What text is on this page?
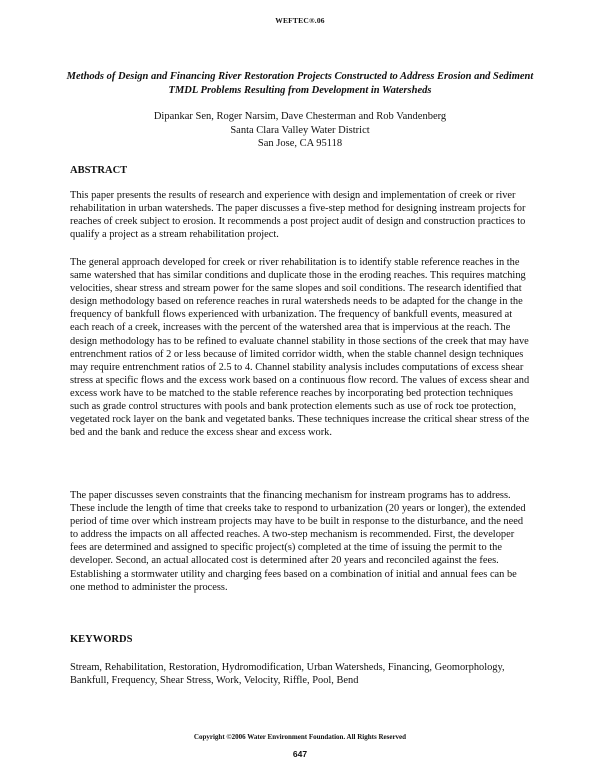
WEFTEC®.06
Methods of Design and Financing River Restoration Projects Constructed to Address Erosion and Sediment TMDL Problems Resulting from Development in Watersheds
Dipankar Sen, Roger Narsim, Dave Chesterman and Rob Vandenberg
Santa Clara Valley Water District
San Jose, CA 95118
ABSTRACT

This paper presents the results of research and experience with design and implementation of creek or river rehabilitation in urban watersheds. The paper discusses a five-step method for designing instream projects for reaches of creek subject to erosion. It recommends a post project audit of design and construction practices to qualify a project as a stream rehabilitation project.

The general approach developed for creek or river rehabilitation is to identify stable reference reaches in the same watershed that has similar conditions and duplicate those in the eroding reaches. This requires matching velocities, shear stress and stream power for the same slopes and soil conditions. The research identified that design methodology based on reference reaches in rural watersheds needs to be adapted for the change in the frequency of bankfull flows experienced with urbanization. The frequency of bankfull events, measured at each reach of a creek, increases with the percent of the watershed area that is impervious at the reach. The design methodology has to be refined to evaluate channel stability in those sections of the creek that may have entrenchment ratios of 2 or less because of limited corridor width, when the stable channel design techniques may require entrenchment ratios of 2.5 to 4. Channel stability analysis includes computations of excess shear stress at specific flows and the excess work based on a continuous flow record. The values of excess shear and excess work have to be matched to the stable reference reaches by incorporating bed protection techniques such as grade control structures with pools and bank protection elements such as use of rock toe protection, vegetated rock layer on the bank and vegetated banks. These techniques increase the critical shear stress of the bed and the bank and reduce the excess shear and excess work.

The paper discusses seven constraints that the financing mechanism for instream programs has to address. These include the length of time that creeks take to respond to urbanization (20 years or longer), the extended period of time over which instream projects may have to be built in response to the disturbance, and the need to address the impacts on all affected reaches. A two-step mechanism is recommended. First, the developer fees are determined and assigned to specific project(s) completed at the time of issuing the permit to the developer. Second, an actual allocated cost is determined after 20 years and reconciled against the fees. Establishing a stormwater utility and charging fees based on a combination of initial and annual fees can be one method to administer the process.

KEYWORDS

Stream, Rehabilitation, Restoration, Hydromodification, Urban Watersheds, Financing, Geomorphology, Bankfull, Frequency, Shear Stress, Work, Velocity, Riffle, Pool, Bend

Copyright ©2006 Water Environment Foundation. All Rights Reserved
647
